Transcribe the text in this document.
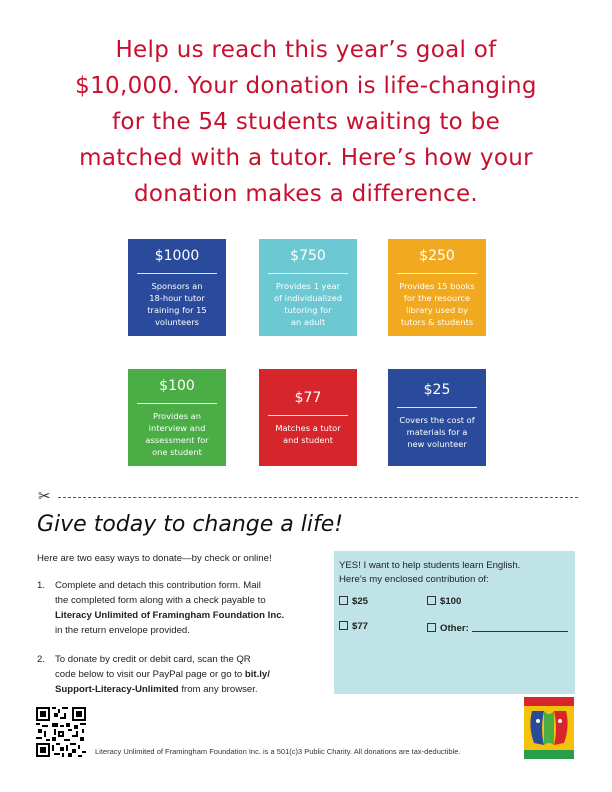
Help us reach this year’s goal of
$10,000. Your donation is life-changing
for the 54 students waiting to be
matched with a tutor. Here’s how your
donation makes a difference.
$1000
Sponsors an
18-hour tutor
training for 15
volunteers
$750
Provides 1 year
of individualized
tutoring for
an adult
$250
Provides 15 books
for the resource
library used by
tutors & students
$100
Provides an
interview and
assessment for
one student
$77
Matches a tutor
and student
$25
Covers the cost of
materials for a
new volunteer
✂
Give today to change a life!
Here are two easy ways to donate—by check or online!
1. Complete and detach this contribution form. Mail
the completed form along with a check payable to
Literacy Unlimited of Framingham Foundation Inc.
in the return envelope provided.
2. To donate by credit or debit card, scan the QR
code below to visit our PayPal page or go to bit.ly/
Support-Literacy-Unlimited from any browser.
YES! I want to help students learn English.
Here’s my enclosed contribution of:
$25	$100
$77	Other:
Literacy Unlimited of Framingham Foundation Inc. is a 501(c)3 Public Charity. All donations are tax-deductible.
